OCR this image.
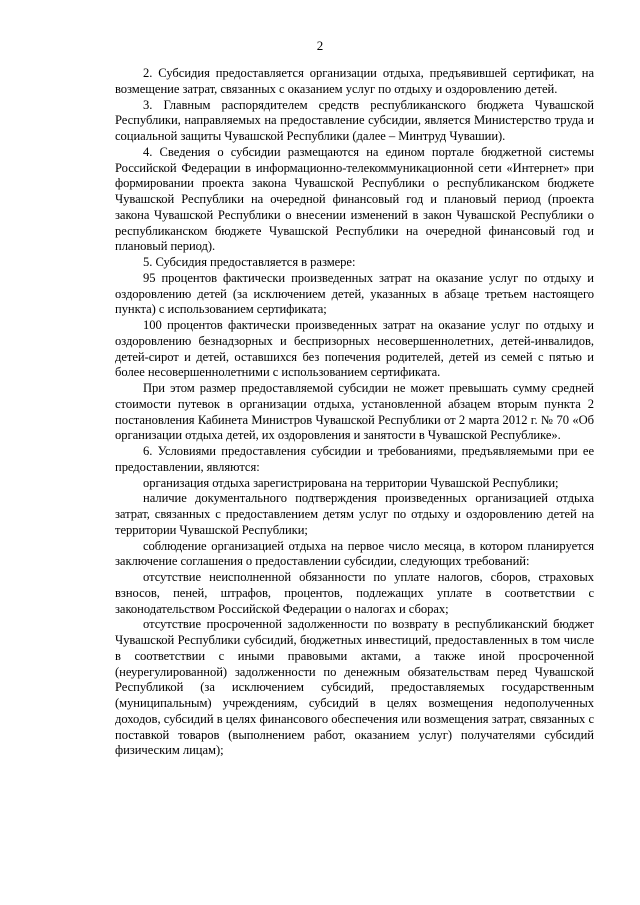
2

2. Субсидия предоставляется организации отдыха, предъявившей сертификат, на возмещение затрат, связанных с оказанием услуг по отдыху и оздоровлению детей.

3. Главным распорядителем средств республиканского бюджета Чувашской Республики, направляемых на предоставление субсидии, является Министерство труда и социальной защиты Чувашской Республики (далее – Минтруд Чувашии).

4. Сведения о субсидии размещаются на едином портале бюджетной системы Российской Федерации в информационно-телекоммуникационной сети «Интернет» при формировании проекта закона Чувашской Республики о республиканском бюджете Чувашской Республики на очередной финансовый год и плановый период (проекта закона Чувашской Республики о внесении изменений в закон Чувашской Республики о республиканском бюджете Чувашской Республики на очередной финансовый год и плановый период).

5. Субсидия предоставляется в размере:

95 процентов фактически произведенных затрат на оказание услуг по отдыху и оздоровлению детей (за исключением детей, указанных в абзаце третьем настоящего пункта) с использованием сертификата;

100 процентов фактически произведенных затрат на оказание услуг по отдыху и оздоровлению безнадзорных и беспризорных несовершеннолетних, детей-инвалидов, детей-сирот и детей, оставшихся без попечения родителей, детей из семей с пятью и более несовершеннолетними с использованием сертификата.

При этом размер предоставляемой субсидии не может превышать сумму средней стоимости путевок в организации отдыха, установленной абзацем вторым пункта 2 постановления Кабинета Министров Чувашской Республики от 2 марта 2012 г. № 70 «Об организации отдыха детей, их оздоровления и занятости в Чувашской Республике».

6. Условиями предоставления субсидии и требованиями, предъявляемыми при ее предоставлении, являются:

организация отдыха зарегистрирована на территории Чувашской Республики;

наличие документального подтверждения произведенных организацией отдыха затрат, связанных с предоставлением детям услуг по отдыху и оздоровлению детей на территории Чувашской Республики;

соблюдение организацией отдыха на первое число месяца, в котором планируется заключение соглашения о предоставлении субсидии, следующих требований:

отсутствие неисполненной обязанности по уплате налогов, сборов, страховых взносов, пеней, штрафов, процентов, подлежащих уплате в соответствии с законодательством Российской Федерации о налогах и сборах;

отсутствие просроченной задолженности по возврату в республиканский бюджет Чувашской Республики субсидий, бюджетных инвестиций, предоставленных в том числе в соответствии с иными правовыми актами, а также иной просроченной (неурегулированной) задолженности по денежным обязательствам перед Чувашской Республикой (за исключением субсидий, предоставляемых государственным (муниципальным) учреждениям, субсидий в целях возмещения недополученных доходов, субсидий в целях финансового обеспечения или возмещения затрат, связанных с поставкой товаров (выполнением работ, оказанием услуг) получателями субсидий физическим лицам);
